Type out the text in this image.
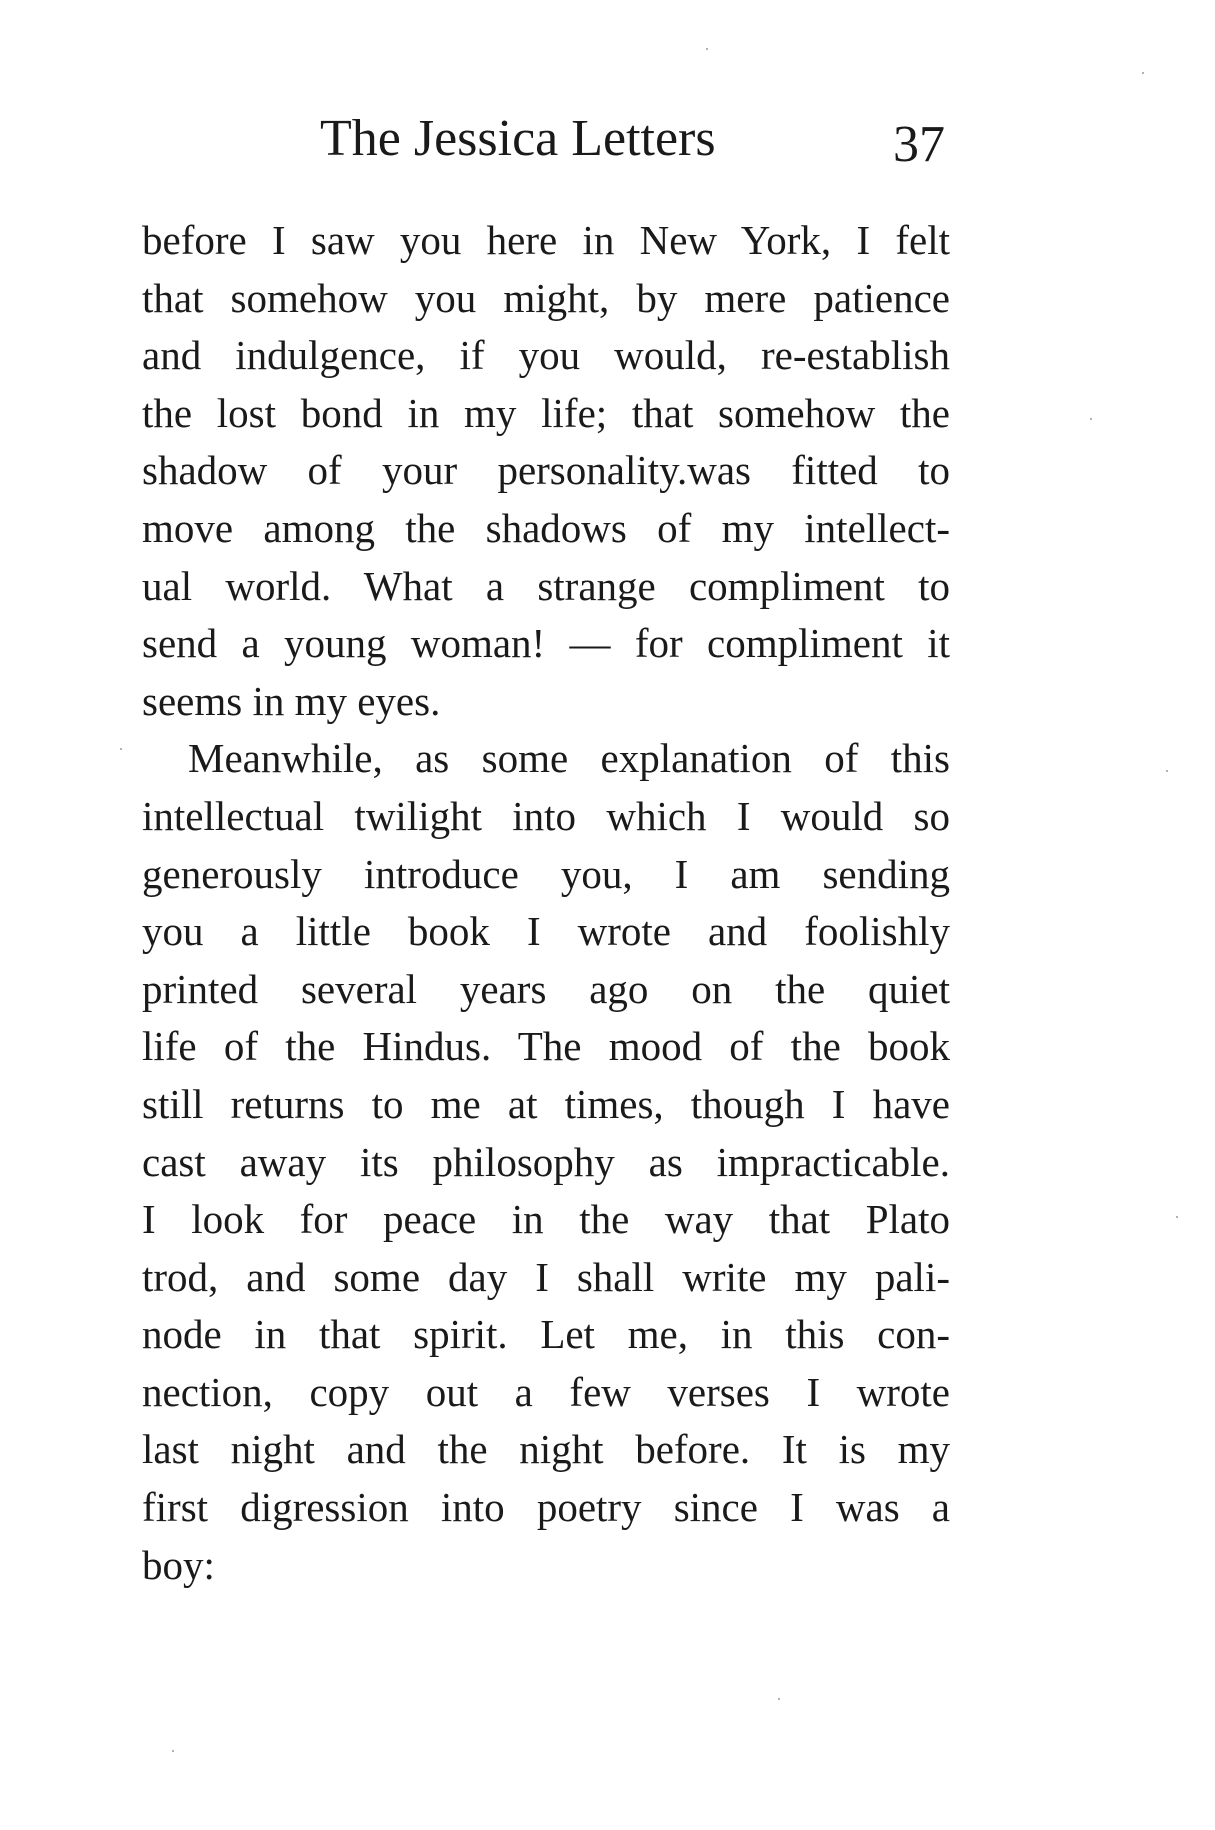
The Jessica Letters	37
before I saw you here in New York, I felt
that somehow you might, by mere patience
and indulgence, if you would, re-establish
the lost bond in my life; that somehow the
shadow of your personality.was fitted to
move among the shadows of my intellect-
ual world. What a strange compliment to
send a young woman! — for compliment it
seems in my eyes.
Meanwhile, as some explanation of this
intellectual twilight into which I would so
generously introduce you, I am sending
you a little book I wrote and foolishly
printed several years ago on the quiet
life of the Hindus. The mood of the book
still returns to me at times, though I have
cast away its philosophy as impracticable.
I look for peace in the way that Plato
trod, and some day I shall write my pali-
node in that spirit. Let me, in this con-
nection, copy out a few verses I wrote
last night and the night before. It is my
first digression into poetry since I was a
boy:
